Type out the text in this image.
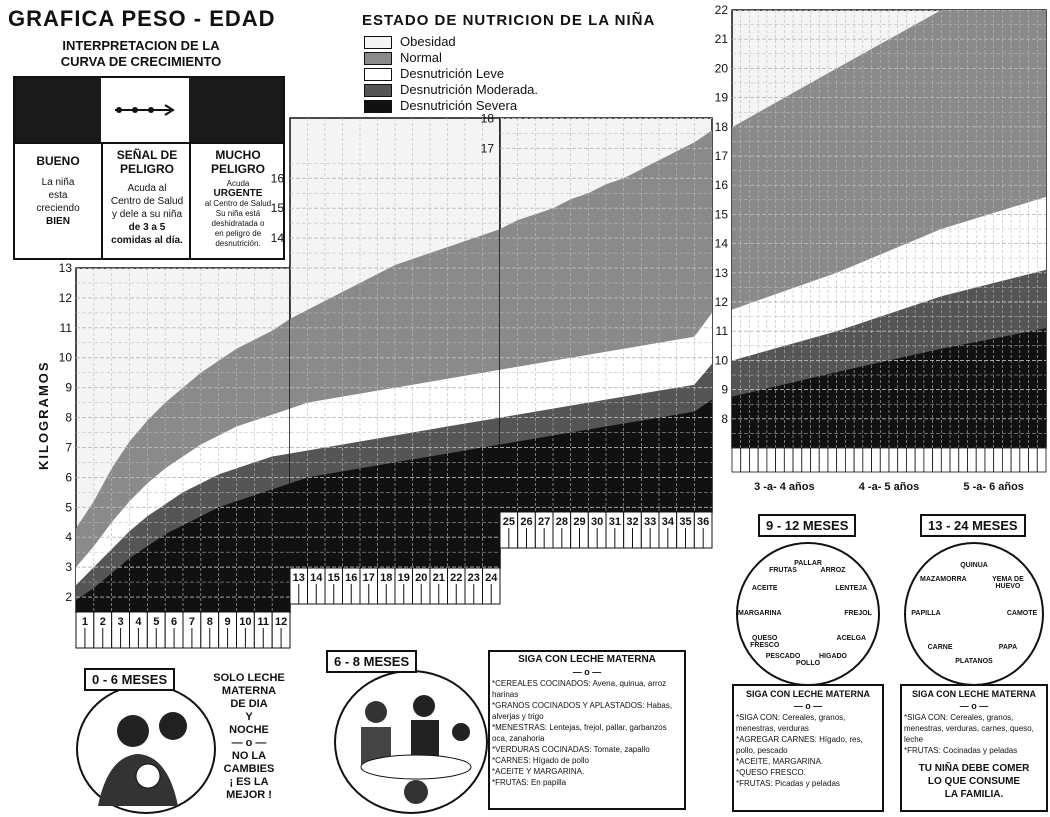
GRAFICA PESO - EDAD
INTERPRETACION DE LA
CURVA DE CRECIMIENTO
BUENO
La niña
esta
creciendo
BIEN
SEÑAL DE
PELIGRO
Acuda al
Centro de Salud
y dele a su niña
de 3 a 5
comidas al día.
MUCHO
PELIGRO
Acuda
URGENTE
al Centro de Salud
Su niña está
deshidratada o
en peligro de
desnutrición.
ESTADO DE NUTRICION DE LA NIÑA
Obesidad
Normal
Desnutrición Leve
Desnutrición Moderada.
Desnutrición Severa
KILOGRAMOS
2
3
4
5
6
7
8
9
10
11
12
13
1 2 3 4 5 6 7 8 9 10 11 12
14
15
16
13 14 15 16 17 18 19 20 21 22 23 24
17
18
25 26 27 28 29 30 31 32 33 34 35 36
8
9
10
11
12
13
14
15
16
17
18
19
20
21
22
3 -a- 4 años	4 -a- 5 años	5 -a- 6 años
0 - 6 MESES	SOLO LECHE
MATERNA
DE DIA
Y
NOCHE
— o —
NO LA
CAMBIES
¡ ES LA
MEJOR !
6 - 8 MESES	SIGA CON LECHE MATERNA
— o —
*CEREALES COCINADOS: Avena, quinua, arroz harinas
*GRANOS COCINADOS Y APLASTADOS: Habas, alverjas y trigo
*MENESTRAS: Lentejas, frejol, pallar, garbanzos
oca, zanahoria
*VERDURAS COCINADAS: Tomate, zapallo
*CARNES: Hígado de pollo
*ACEITE Y MARGARINA.
*FRUTAS: En papilla
9 - 12 MESES
PALLAR
ARROZ
LENTEJA
FREJOL
ACELGA
HIGADO
POLLO
PESCADO
QUESO FRESCO
MARGARINA
ACEITE
FRUTAS
SIGA CON LECHE MATERNA
— o —
*SIGA CON: Cereales, granos, menestras, verduras
*AGREGAR CARNES: Hígado, res, pollo, pescado
*ACEITE, MARGARINA.
*QUESO FRESCO.
*FRUTAS: Picadas y peladas
13 - 24 MESES
QUINUA
YEMA DE HUEVO
CAMOTE
PAPA
PLATANOS
CARNE
PAPILLA
MAZAMORRA
SIGA CON LECHE MATERNA
— o —
*SIGA CON: Cereales, granos, menestras, verduras, carnes, queso, leche
*FRUTAS: Cocinadas y peladas
TU NIÑA DEBE COMER
LO QUE CONSUME
LA FAMILIA.
